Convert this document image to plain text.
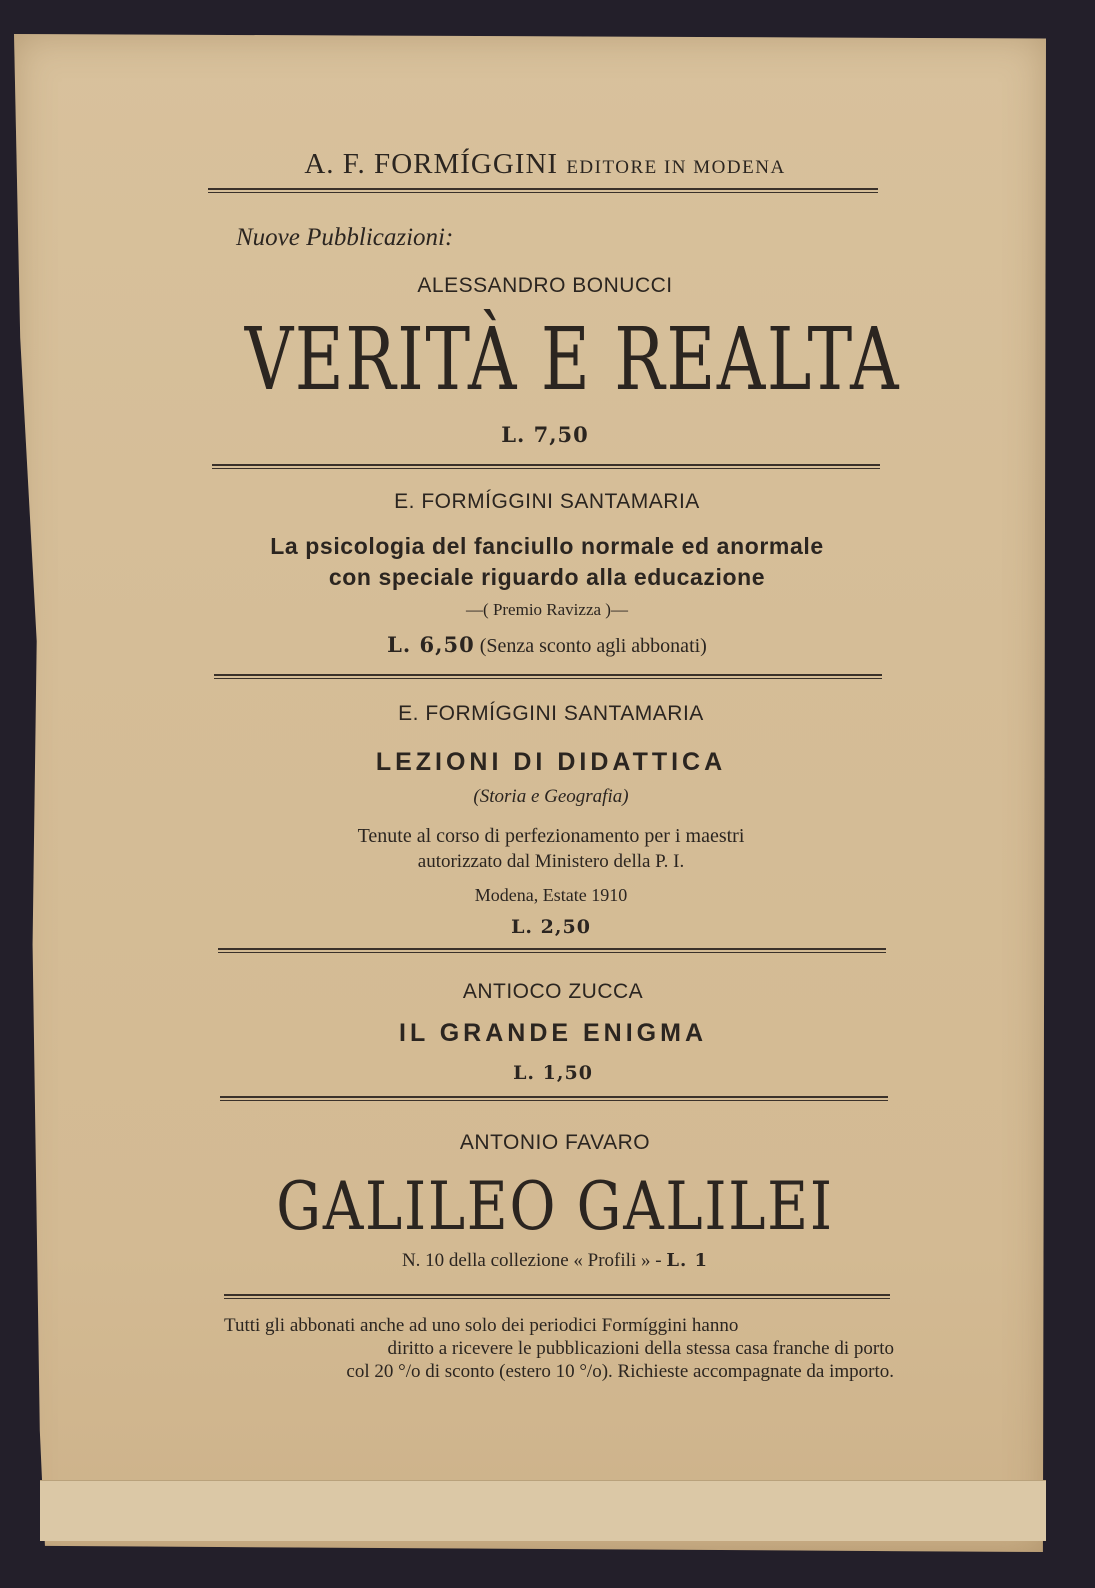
A. F. FORMÍGGINI EDITORE IN MODENA
Nuove Pubblicazioni:
ALESSANDRO BONUCCI
VERITÀ E REALTA
L. 7,50
E. FORMÍGGINI SANTAMARIA
La psicologia del fanciullo normale ed anormale
con speciale riguardo alla educazione
—( Premio Ravizza )—
L. 6,50 (Senza sconto agli abbonati)
E. FORMÍGGINI SANTAMARIA
LEZIONI DI DIDATTICA
(Storia e Geografia)
Tenute al corso di perfezionamento per i maestri
autorizzato dal Ministero della P. I.
Modena, Estate 1910
L. 2,50
ANTIOCO ZUCCA
IL GRANDE ENIGMA
L. 1,50
ANTONIO FAVARO
GALILEO GALILEI
N. 10 della collezione « Profili » - L. 1
Tutti gli abbonati anche ad uno solo dei periodici Formíggini hanno
diritto a ricevere le pubblicazioni della stessa casa franche di porto
col 20 °/o di sconto (estero 10 °/o). Richieste accompagnate da importo.
